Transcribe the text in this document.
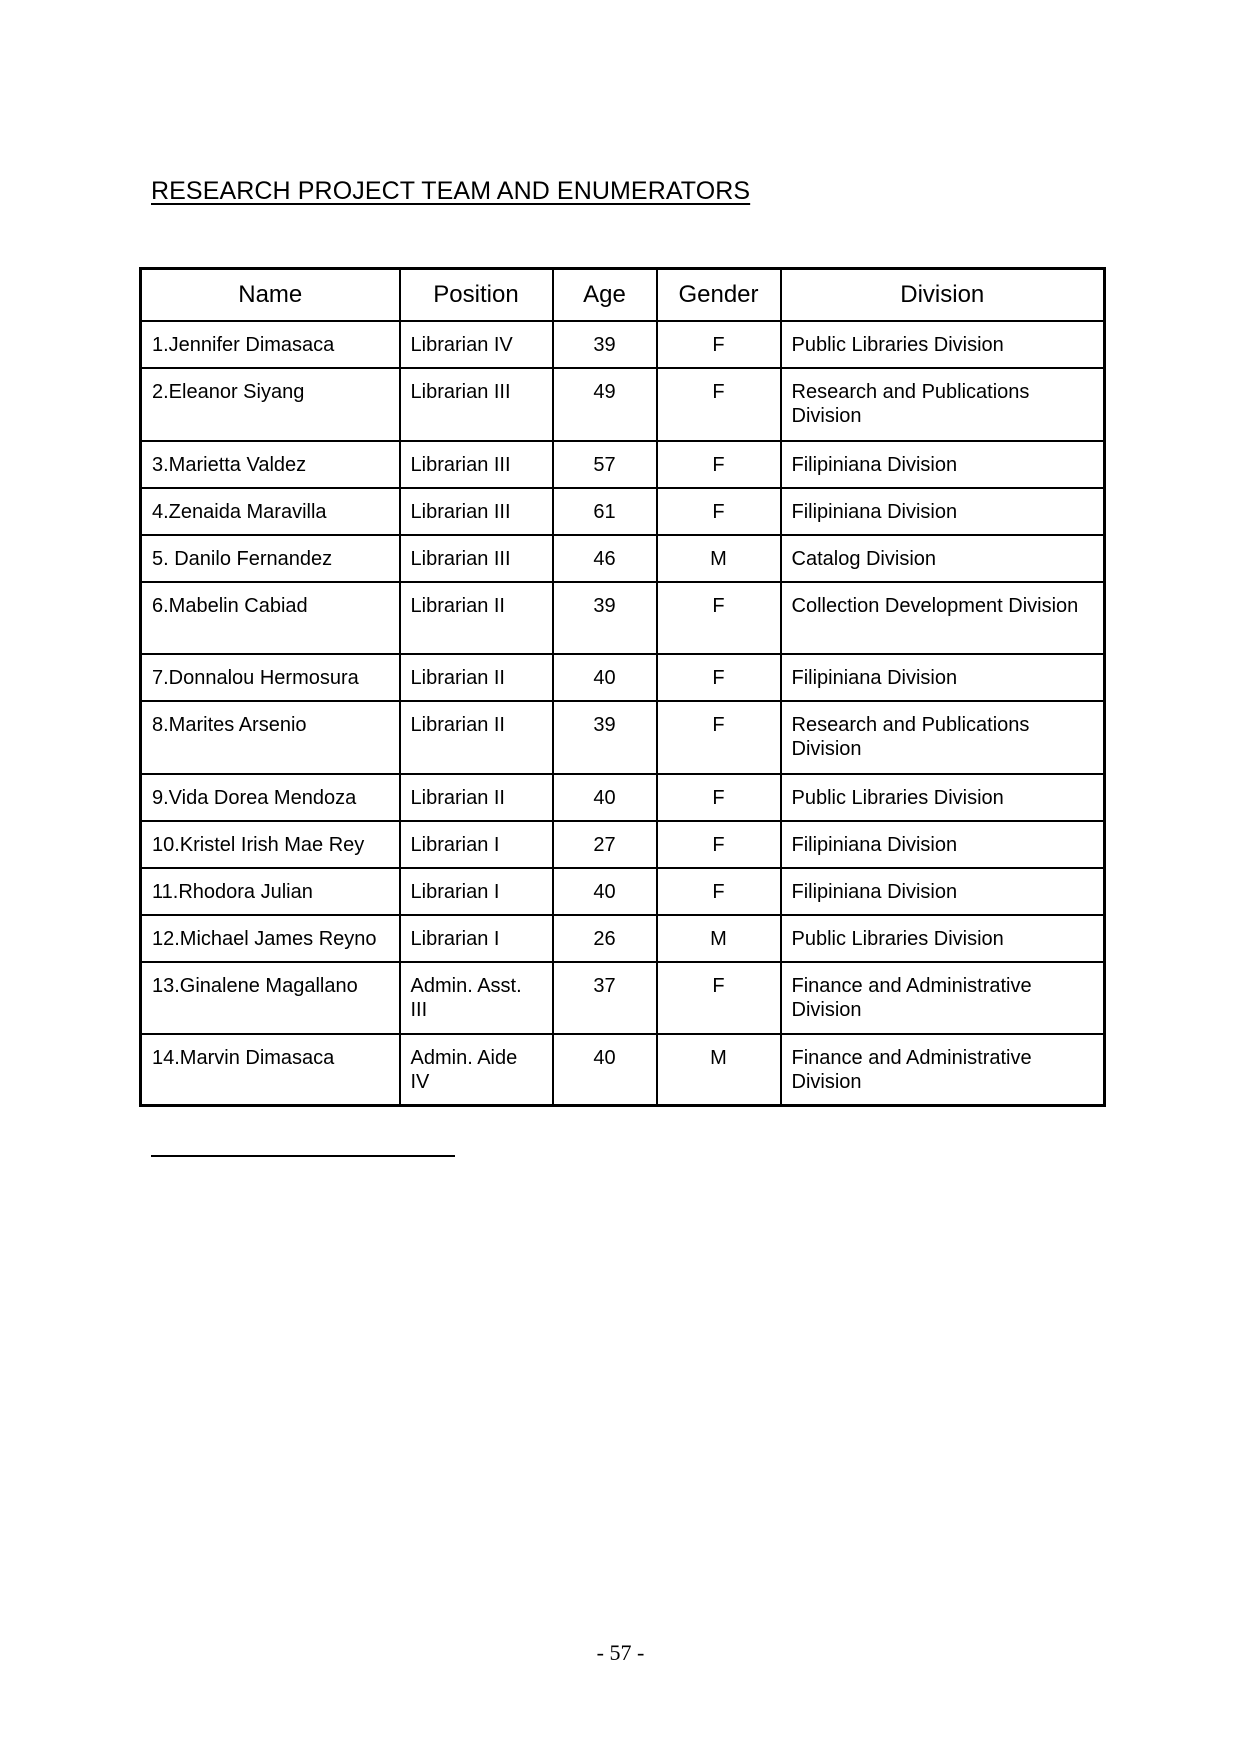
RESEARCH PROJECT TEAM AND ENUMERATORS
Name	Position	Age	Gender	Division
1.Jennifer Dimasaca	Librarian IV	39	F	Public Libraries Division
2.Eleanor Siyang	Librarian III	49	F	Research and Publications Division
3.Marietta Valdez	Librarian III	57	F	Filipiniana Division
4.Zenaida Maravilla	Librarian III	61	F	Filipiniana Division
5. Danilo Fernandez	Librarian III	46	M	Catalog Division
6.Mabelin Cabiad	Librarian II	39	F	Collection Development Division
7.Donnalou Hermosura	Librarian II	40	F	Filipiniana Division
8.Marites Arsenio	Librarian II	39	F	Research and Publications Division
9.Vida Dorea Mendoza	Librarian II	40	F	Public Libraries Division
10.Kristel Irish Mae Rey	Librarian I	27	F	Filipiniana Division
11.Rhodora Julian	Librarian I	40	F	Filipiniana Division
12.Michael James Reyno	Librarian I	26	M	Public Libraries Division
13.Ginalene Magallano	Admin. Asst. III	37	F	Finance and Administrative Division
14.Marvin Dimasaca	Admin. Aide IV	40	M	Finance and Administrative Division
- 57 -
